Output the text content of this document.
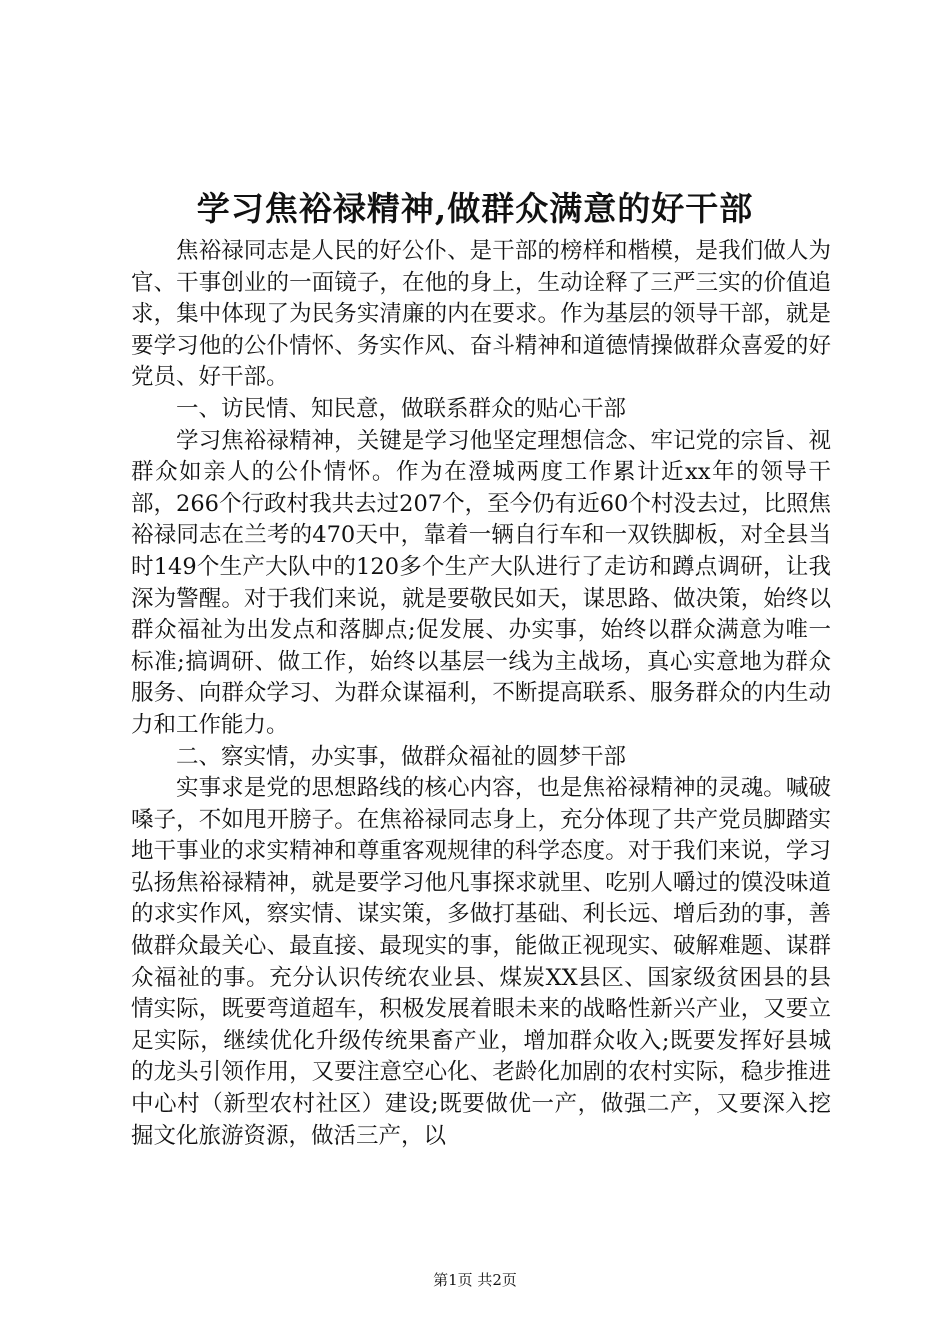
学习焦裕禄精神,做群众满意的好干部

焦裕禄同志是人民的好公仆、是干部的榜样和楷模，是我们做人为官、干事创业的一面镜子，在他的身上，生动诠释了三严三实的价值追求，集中体现了为民务实清廉的内在要求。作为基层的领导干部，就是要学习他的公仆情怀、务实作风、奋斗精神和道德情操做群众喜爱的好党员、好干部。

一、访民情、知民意，做联系群众的贴心干部

学习焦裕禄精神，关键是学习他坚定理想信念、牢记党的宗旨、视群众如亲人的公仆情怀。作为在澄城两度工作累计近xx年的领导干部，266个行政村我共去过207个，至今仍有近60个村没去过，比照焦裕禄同志在兰考的470天中，靠着一辆自行车和一双铁脚板，对全县当时149个生产大队中的120多个生产大队进行了走访和蹲点调研，让我深为警醒。对于我们来说，就是要敬民如天，谋思路、做决策，始终以群众福祉为出发点和落脚点;促发展、办实事，始终以群众满意为唯一标准;搞调研、做工作，始终以基层一线为主战场，真心实意地为群众服务、向群众学习、为群众谋福利，不断提高联系、服务群众的内生动力和工作能力。

二、察实情，办实事，做群众福祉的圆梦干部

实事求是党的思想路线的核心内容，也是焦裕禄精神的灵魂。喊破嗓子，不如甩开膀子。在焦裕禄同志身上，充分体现了共产党员脚踏实地干事业的求实精神和尊重客观规律的科学态度。对于我们来说，学习弘扬焦裕禄精神，就是要学习他凡事探求就里、吃别人嚼过的馍没味道的求实作风，察实情、谋实策，多做打基础、利长远、增后劲的事，善做群众最关心、最直接、最现实的事，能做正视现实、破解难题、谋群众福祉的事。充分认识传统农业县、煤炭XX县区、国家级贫困县的县情实际，既要弯道超车，积极发展着眼未来的战略性新兴产业，又要立足实际，继续优化升级传统果畜产业，增加群众收入;既要发挥好县城的龙头引领作用，又要注意空心化、老龄化加剧的农村实际，稳步推进中心村（新型农村社区）建设;既要做优一产，做强二产，又要深入挖掘文化旅游资源，做活三产，以

第1页 共2页
